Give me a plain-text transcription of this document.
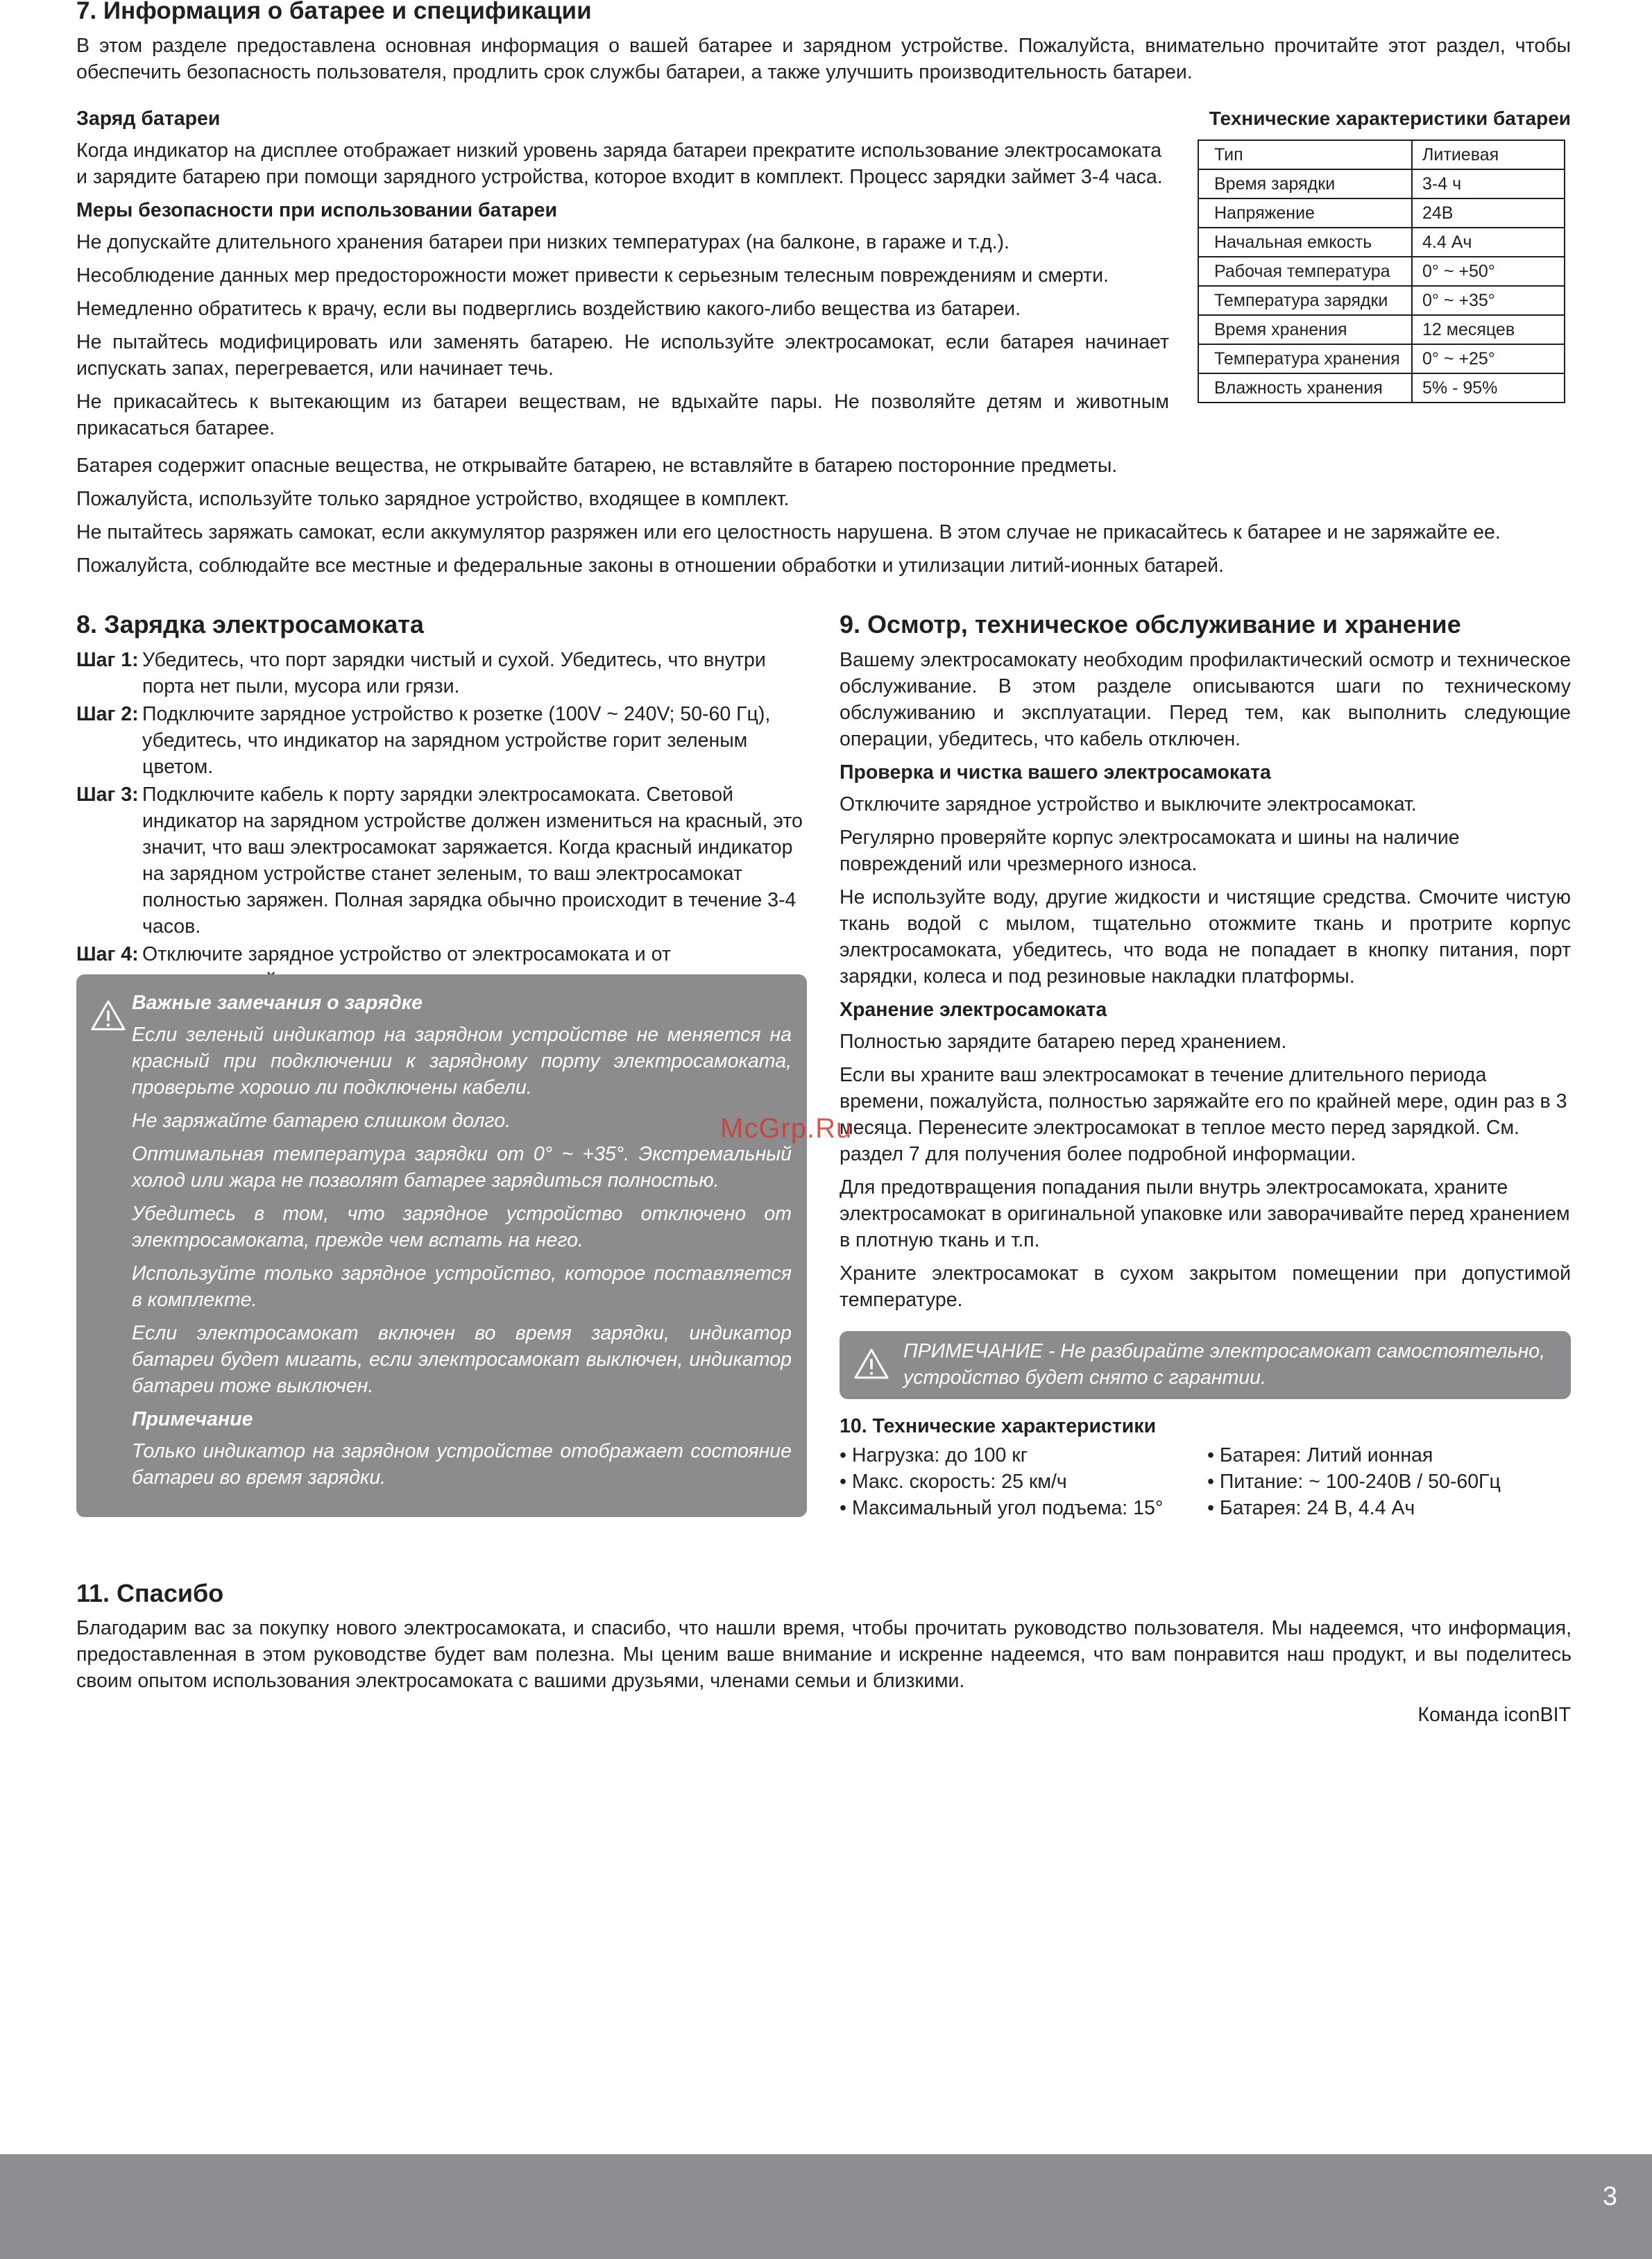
7. Информация о батарее и спецификации
В этом разделе предоставлена основная информация о вашей батарее и зарядном устройстве. Пожалуйста, внимательно прочитайте этот раздел, чтобы обеспечить безопасность пользователя, продлить срок службы батареи, а также улучшить производительность батареи.
Заряд батареи
Когда индикатор на дисплее отображает низкий уровень заряда батареи прекратите использование электросамоката и зарядите батарею при помощи зарядного устройства, которое входит в комплект. Процесс зарядки займет 3-4 часа.
Меры безопасности при использовании батареи
Не допускайте длительного хранения батареи при низких температурах (на балконе, в гараже и т.д.).
Несоблюдение данных мер предосторожности может привести к серьезным телесным повреждениям и смерти.
Немедленно обратитесь к врачу, если вы подверглись воздействию какого-либо вещества из батареи.
Не пытайтесь модифицировать или заменять батарею. Не используйте электросамокат, если батарея начинает испускать запах, перегревается, или начинает течь.
Не прикасайтесь к вытекающим из батареи веществам, не вдыхайте пары. Не позволяйте детям и животным прикасаться батарее.
Батарея содержит опасные вещества, не открывайте батарею, не вставляйте в батарею посторонние предметы.
Пожалуйста, используйте только зарядное устройство, входящее в комплект.
Не пытайтесь заряжать самокат, если аккумулятор разряжен или его целостность нарушена. В этом случае не прикасайтесь к батарее и не заряжайте ее.
Пожалуйста, соблюдайте все местные и федеральные законы в отношении обработки и утилизации литий-ионных батарей.
Технические характеристики батареи
Тип	Литиевая
Время зарядки	3-4 ч
Напряжение	24В
Начальная емкость	4.4 Ач
Рабочая температура	0° ~ +50°
Температура зарядки	0° ~ +35°
Время хранения	12 месяцев
Температура хранения	0° ~ +25°
Влажность хранения	5% - 95%
8. Зарядка электросамоката
Шаг 1: Убедитесь, что порт зарядки чистый и сухой. Убедитесь, что внутри порта нет пыли, мусора или грязи.
Шаг 2: Подключите зарядное устройство к розетке (100V ~ 240V; 50-60 Гц), убедитесь, что индикатор на зарядном устройстве горит зеленым цветом.
Шаг 3: Подключите кабель к порту зарядки электросамоката. Световой индикатор на зарядном устройстве должен измениться на красный, это значит, что ваш электросамокат заряжается. Когда красный индикатор на зарядном устройстве станет зеленым, то ваш электросамокат полностью заряжен. Полная зарядка обычно происходит в течение 3-4 часов.
Шаг 4: Отключите зарядное устройство от электросамоката и от
Важные замечания о зарядке
Если зеленый индикатор на зарядном устройстве не меняется на красный при подключении к зарядному порту электросамоката, проверьте хорошо ли подключены кабели.
Не заряжайте батарею слишком долго.
Оптимальная температура зарядки от 0° ~ +35°. Экстремальный холод или жара не позволят батарее зарядиться полностью.
Убедитесь в том, что зарядное устройство отключено от электросамоката, прежде чем встать на него.
Используйте только зарядное устройство, которое поставляется в комплекте.
Если электросамокат включен во время зарядки, индикатор батареи будет мигать, если электросамокат выключен, индикатор батареи тоже выключен.
Примечание
Только индикатор на зарядном устройстве отображает состояние батареи во время зарядки.
9. Осмотр, техническое обслуживание и хранение
Вашему электросамокату необходим профилактический осмотр и техническое обслуживание. В этом разделе описываются шаги по техническому обслуживанию и эксплуатации. Перед тем, как выполнить следующие операции, убедитесь, что кабель отключен.
Проверка и чистка вашего электросамоката
Отключите зарядное устройство и выключите электросамокат.
Регулярно проверяйте корпус электросамоката и шины на наличие повреждений или чрезмерного износа.
Не используйте воду, другие жидкости и чистящие средства. Смочите чистую ткань водой с мылом, тщательно отожмите ткань и протрите корпус электросамоката, убедитесь, что вода не попадает в кнопку питания, порт зарядки, колеса и под резиновые накладки платформы.
Хранение электросамоката
Полностью зарядите батарею перед хранением.
Если вы храните ваш электросамокат в течение длительного периода времени, пожалуйста, полностью заряжайте его по крайней мере, один раз в 3 месяца. Перенесите электросамокат в теплое место перед зарядкой. См. раздел 7 для получения более подробной информации.
Для предотвращения попадания пыли внутрь электросамоката, храните электросамокат в оригинальной упаковке или заворачивайте перед хранением в плотную ткань и т.п.
Храните электросамокат в сухом закрытом помещении при допустимой температуре.
ПРИМЕЧАНИЕ - Не разбирайте электросамокат самостоятельно, устройство будет снято с гарантии.
10. Технические характеристики
• Нагрузка: до 100 кг
• Макс. скорость: 25 км/ч
• Максимальный угол подъема: 15°
• Батарея: Литий ионная
• Питание: ~ 100-240В / 50-60Гц
• Батарея: 24 В, 4.4 Ач
McGrp.Ru
11. Спасибо
Благодарим вас за покупку нового электросамоката, и спасибо, что нашли время, чтобы прочитать руководство пользователя. Мы надеемся, что информация, предоставленная в этом руководстве будет вам полезна. Мы ценим ваше внимание и искренне надеемся, что вам понравится наш продукт, и вы поделитесь своим опытом использования электросамоката с вашими друзьями, членами семьи и близкими.
Команда iconBIT
3
